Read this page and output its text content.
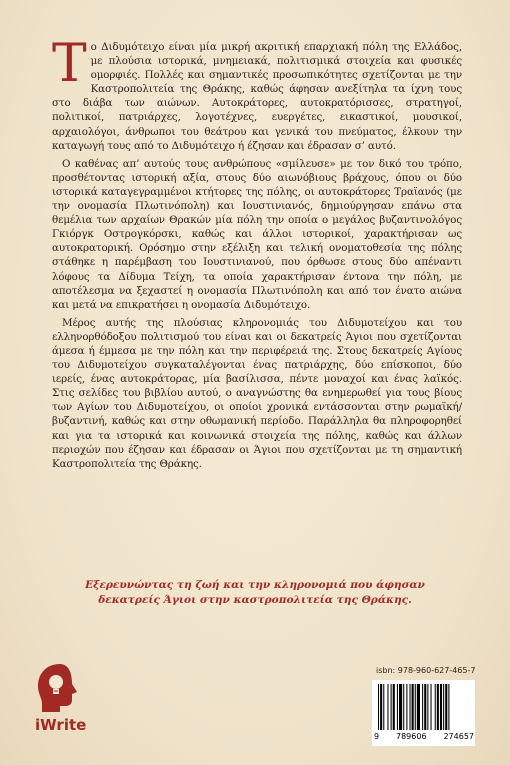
Το Διδυμότειχο είναι μία μικρή ακριτική επαρχιακή πόλη της Ελλάδος, με πλούσια ιστορικά, μνημειακά, πολιτισμικά στοιχεία και φυσικές ομορφιές. Πολλές και σημαντικές προσωπικότητες σχετίζονται με την Καστροπολιτεία της Θράκης, καθώς άφησαν ανεξίτηλα τα ίχνη τους στο διάβα των αιώνων. Αυτοκράτορες, αυτοκρατόρισσες, στρατηγοί, πολιτικοί, πατριάρχες, λογοτέχνες, ευεργέτες, εικαστικοί, μουσικοί, αρχαιολόγοι, άνθρωποι του θεάτρου και γενικά του πνεύματος, έλκουν την καταγωγή τους από το Διδυμότειχο ή έζησαν και έδρασαν σ’ αυτό.

Ο καθένας απ’ αυτούς τους ανθρώπους «σμίλευσε» με τον δικό του τρόπο, προσθέτοντας ιστορική αξία, στους δύο αιωνόβιους βράχους, όπου οι δύο ιστορικά καταγεγραμμένοι κτήτορες της πόλης, οι αυτοκράτορες Τραϊανός (με την ονομασία Πλωτινόπολη) και Ιουστινιανός, δημιούργησαν επάνω στα θεμέλια των αρχαίων Θρακών μία πόλη την οποία ο μεγάλος βυζαντινολόγος Γκιόργκ Οστρογκόρσκι, καθώς και άλλοι ιστορικοί, χαρακτήρισαν ως αυτοκρατορική. Ορόσημο στην εξέλιξη και τελική ονοματοθεσία της πόλης στάθηκε η παρέμβαση του Ιουστινιανού, που όρθωσε στους δύο απέναντι λόφους τα Δίδυμα Τείχη, τα οποία χαρακτήρισαν έντονα την πόλη, με αποτέλεσμα να ξεχαστεί η ονομασία Πλωτινόπολη και από τον ένατο αιώνα και μετά να επικρατήσει η ονομασία Διδυμότειχο.

Μέρος αυτής της πλούσιας κληρονομιάς του Διδυμοτείχου και του ελληνορθόδοξου πολιτισμού του είναι και οι δεκατρείς Άγιοι που σχετίζονται άμεσα ή έμμεσα με την πόλη και την περιφέρειά της. Στους δεκατρείς Αγίους του Διδυμοτείχου συγκαταλέγονται ένας πατριάρχης, δύο επίσκοποι, δύο ιερείς, ένας αυτοκράτορας, μία βασίλισσα, πέντε μοναχοί και ένας λαϊκός. Στις σελίδες του βιβλίου αυτού, ο αναγνώστης θα ενημερωθεί για τους βίους των Αγίων του Διδυμοτείχου, οι οποίοι χρονικά εντάσσονται στην ρωμαϊκή/βυζαντινή, καθώς και στην οθωμανική περίοδο. Παράλληλα θα πληροφορηθεί και για τα ιστορικά και κοινωνικά στοιχεία της πόλης, καθώς και άλλων περιοχών που έζησαν και έδρασαν οι Άγιοι που σχετίζονται με τη σημαντική Καστροπολιτεία της Θράκης.

Εξερευνώντας τη ζωή και την κληρονομιά που άφησαν
δεκατρείς Άγιοι στην καστροπολιτεία της Θράκης.
iWrite
isbn: 978-960-627-465-7
9 789606 274657
